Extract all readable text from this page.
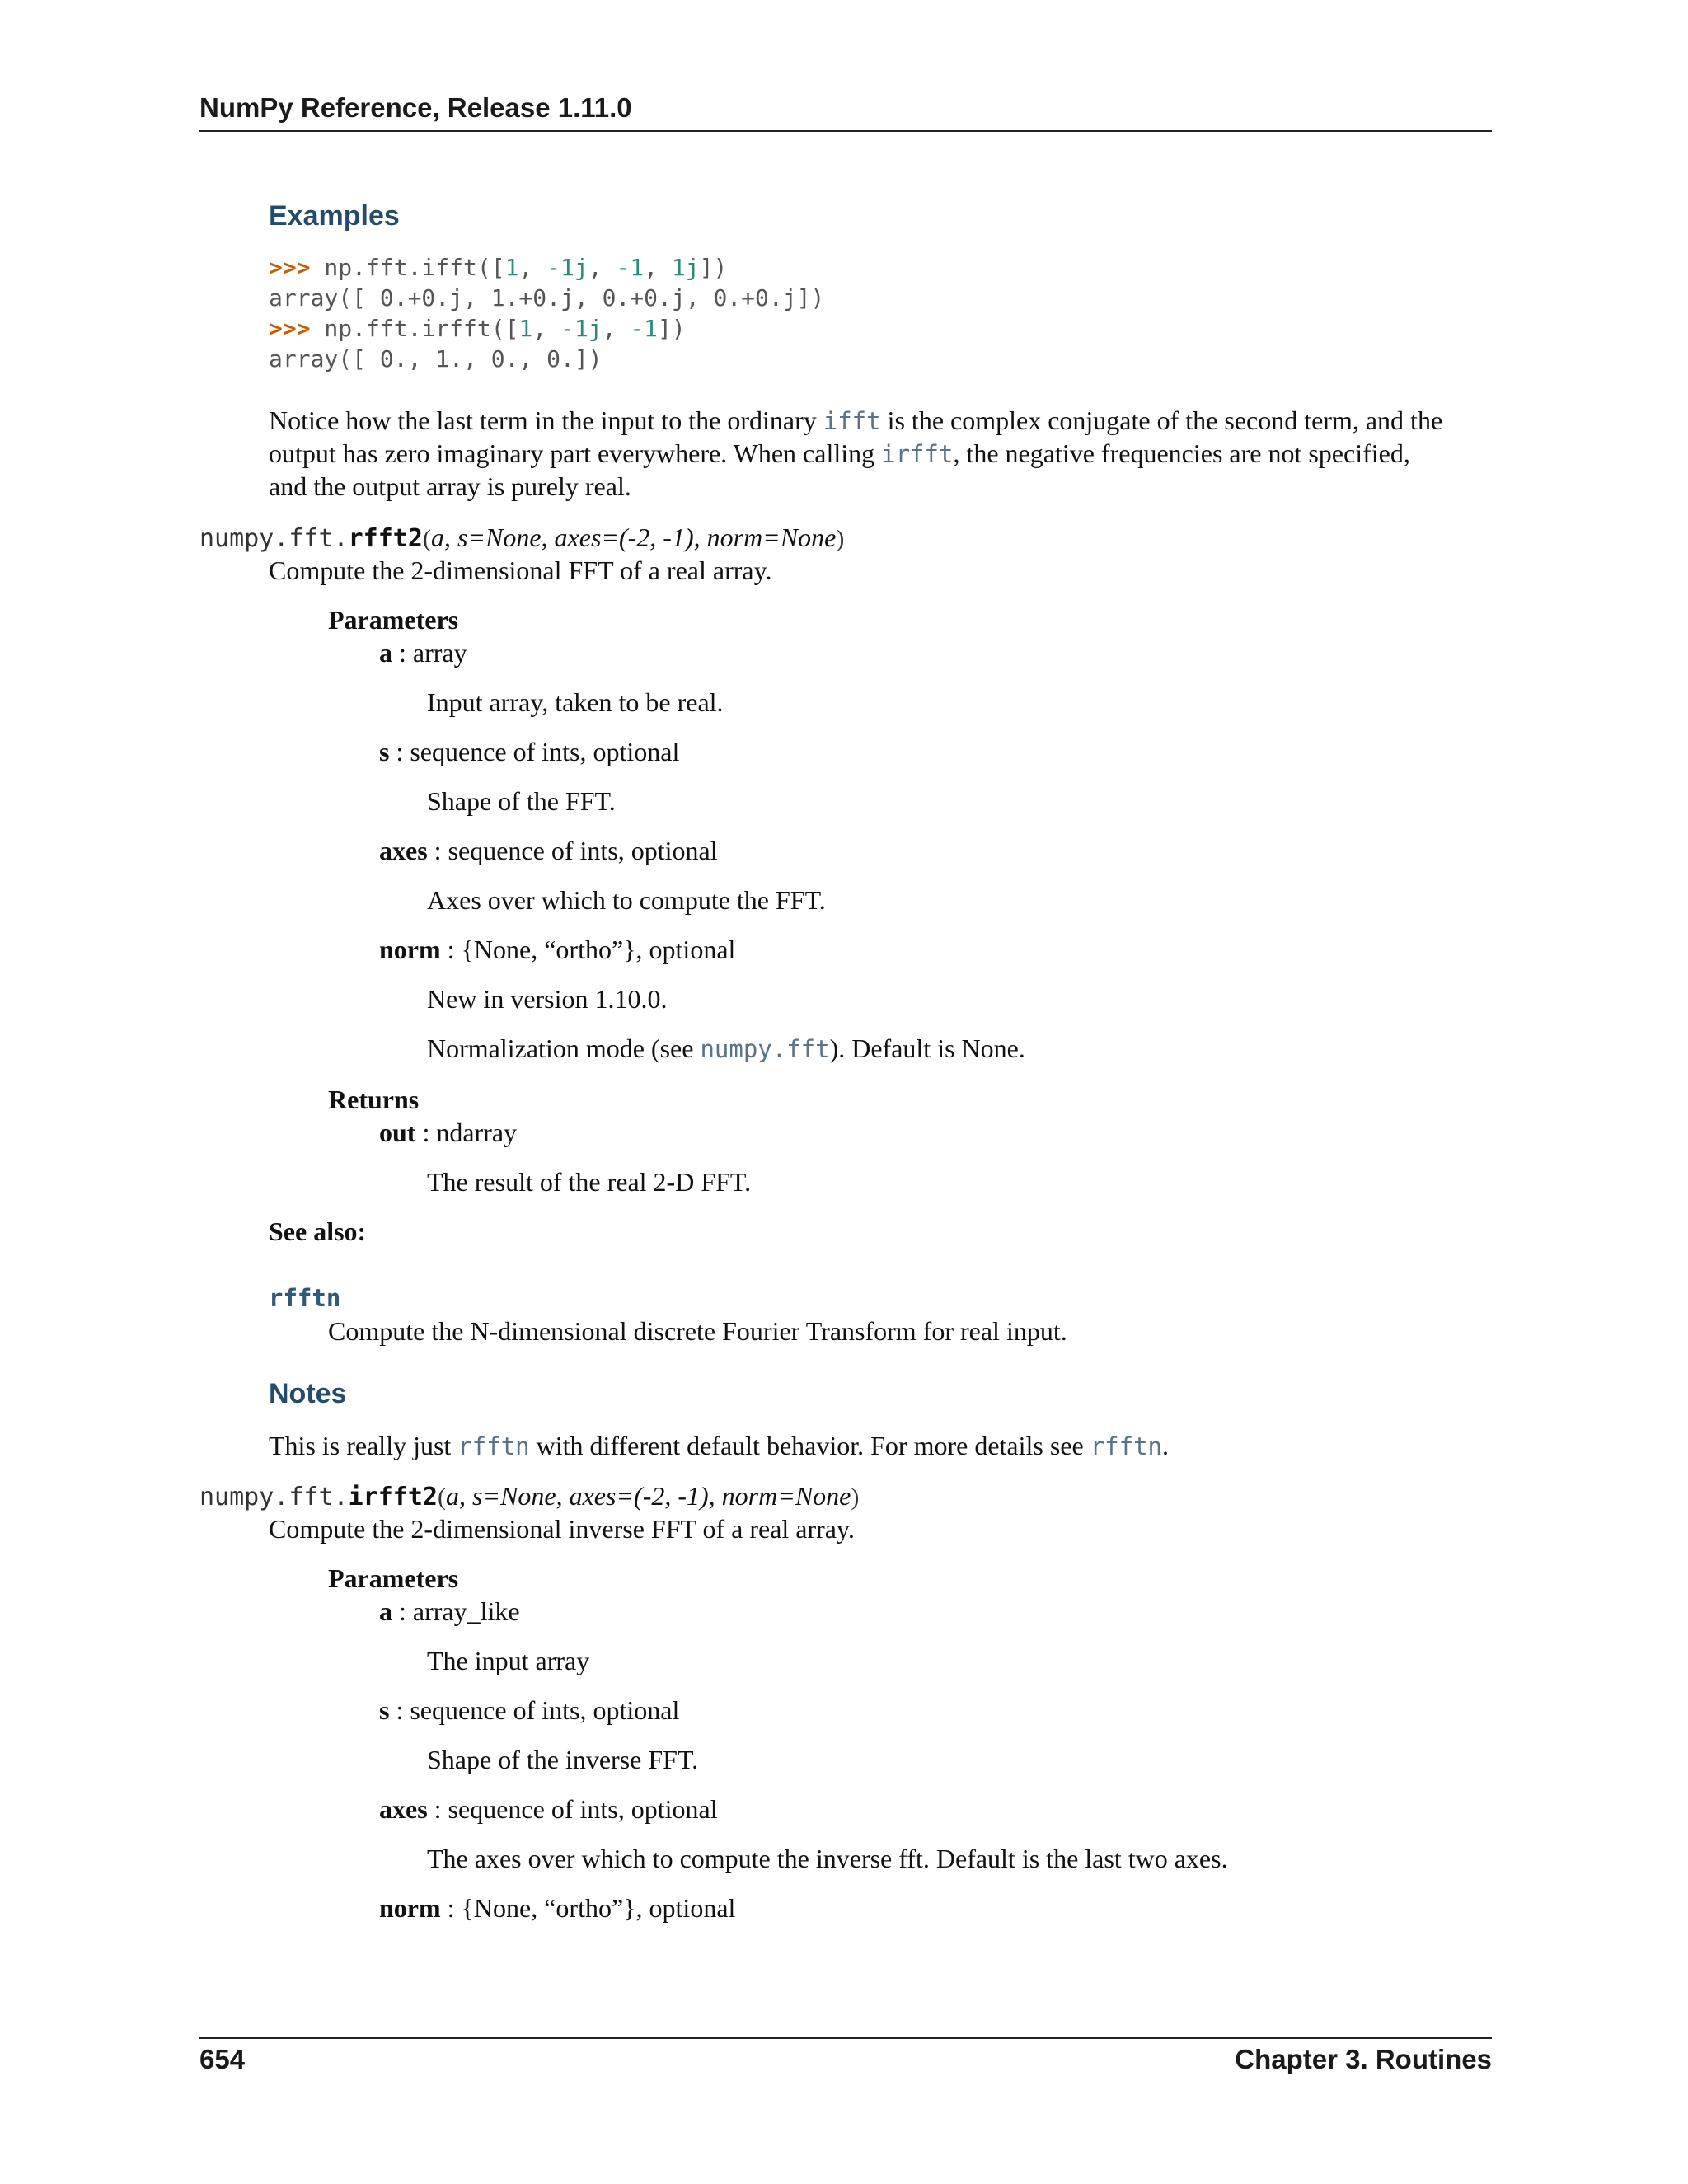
NumPy Reference, Release 1.11.0
Examples
>>> np.fft.ifft([1, -1j, -1, 1j])
array([ 0.+0.j, 1.+0.j, 0.+0.j, 0.+0.j])
>>> np.fft.irfft([1, -1j, -1])
array([ 0., 1., 0., 0.])
Notice how the last term in the input to the ordinary ifft is the complex conjugate of the second term, and the
output has zero imaginary part everywhere. When calling irfft, the negative frequencies are not specified,
and the output array is purely real.
numpy.fft.rfft2(a, s=None, axes=(-2, -1), norm=None)
Compute the 2-dimensional FFT of a real array.
Parameters
a : array
Input array, taken to be real.
s : sequence of ints, optional
Shape of the FFT.
axes : sequence of ints, optional
Axes over which to compute the FFT.
norm : {None, “ortho”}, optional
New in version 1.10.0.
Normalization mode (see numpy.fft). Default is None.
Returns
out : ndarray
The result of the real 2-D FFT.
See also:
rfftn
Compute the N-dimensional discrete Fourier Transform for real input.
Notes
This is really just rfftn with different default behavior. For more details see rfftn.
numpy.fft.irfft2(a, s=None, axes=(-2, -1), norm=None)
Compute the 2-dimensional inverse FFT of a real array.
Parameters
a : array_like
The input array
s : sequence of ints, optional
Shape of the inverse FFT.
axes : sequence of ints, optional
The axes over which to compute the inverse fft. Default is the last two axes.
norm : {None, “ortho”}, optional
654	Chapter 3. Routines
